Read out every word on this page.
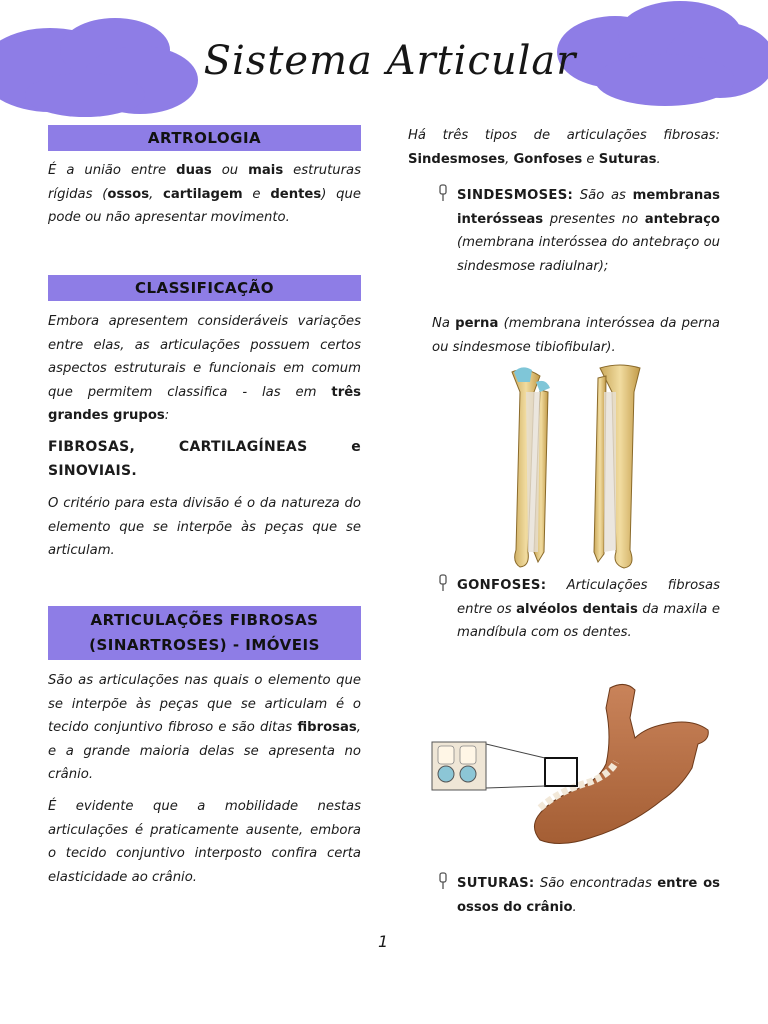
Sistema Articular
ARTROLOGIA

É a união entre duas ou mais estruturas rígidas (ossos, cartilagem e dentes) que pode ou não apresentar movimento.

CLASSIFICAÇÃO

Embora apresentem consideráveis variações entre elas, as articulações possuem certos aspectos estruturais e funcionais em comum que permitem classifica - las em três grandes grupos:

FIBROSAS, CARTILAGÍNEAS e SINOVIAIS.

O critério para esta divisão é o da natureza do elemento que se interpõe às peças que se articulam.

ARTICULAÇÕES FIBROSAS
(SINARTROSES) - IMÓVEIS

São as articulações nas quais o elemento que se interpõe às peças que se articulam é o tecido conjuntivo fibroso e são ditas fibrosas, e a grande maioria delas se apresenta no crânio.

É evidente que a mobilidade nestas articulações é praticamente ausente, embora o tecido conjuntivo interposto confira certa elasticidade ao crânio.

Há três tipos de articulações fibrosas: Sindesmoses, Gonfoses e Suturas.

SINDESMOSES: São as membranas interósseas presentes no antebraço (membrana interóssea do antebraço ou sindesmose radiulnar);

Na perna (membrana interóssea da perna ou sindesmose tibiofibular).

GONFOSES: Articulações fibrosas entre os alvéolos dentais da maxila e mandíbula com os dentes.

SUTURAS: São encontradas entre os ossos do crânio.

1
